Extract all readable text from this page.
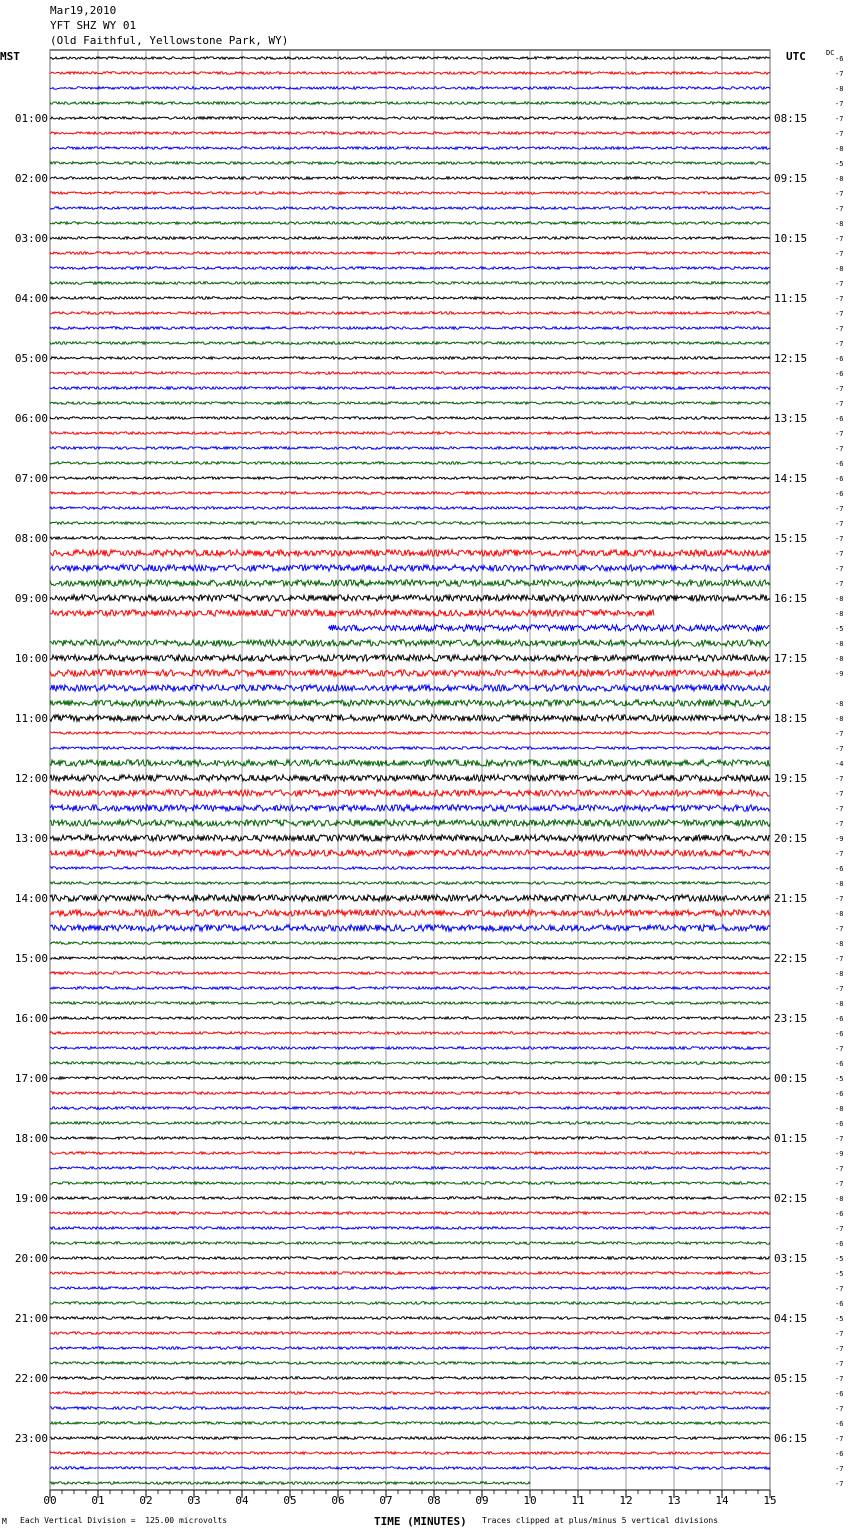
Mar19,2010
YFT SHZ WY 01
(Old Faithful, Yellowstone Park, WY)
MST	UTC	DC
00	01	02	03	04	05	06	07	08	09	10	11	12	13	14	15
01:00	08:15
02:00	09:15
03:00	10:15
04:00	11:15
05:00	12:15
06:00	13:15
07:00	14:15
08:00	15:15
09:00	16:15
10:00	17:15
11:00	18:15
12:00	19:15
13:00	20:15
14:00	21:15
15:00	22:15
16:00	23:15
17:00	00:15
18:00	01:15
19:00	02:15
20:00	03:15
21:00	04:15
22:00	05:15
23:00	06:15
-6
-7
-8
-7
-7
-7
-8
-5
-8
-7
-7
-8
-7
-7
-8
-7
-7
-7
-7
-7
-6
-6
-7
-7
-6
-7
-7
-6
-6
-6
-7
-7
-7
-7
-7
-7
-8
-8
-5
-8
-8
-9
-8
-8
-7
-7
-4
-7
-7
-7
-7
-9
-7
-6
-8
-7
-8
-7
-8
-7
-8
-7
-8
-6
-6
-7
-6
-5
-6
-8
-6
-7
-9
-7
-7
-8
-6
-7
-6
-5
-5
-7
-6
-5
-7
-7
-7
-7
-6
-7
-6
-7
-6
-7
-7
M Each Vertical Division =  125.00 microvolts	TIME (MINUTES) Traces clipped at plus/minus 5 vertical divisions
